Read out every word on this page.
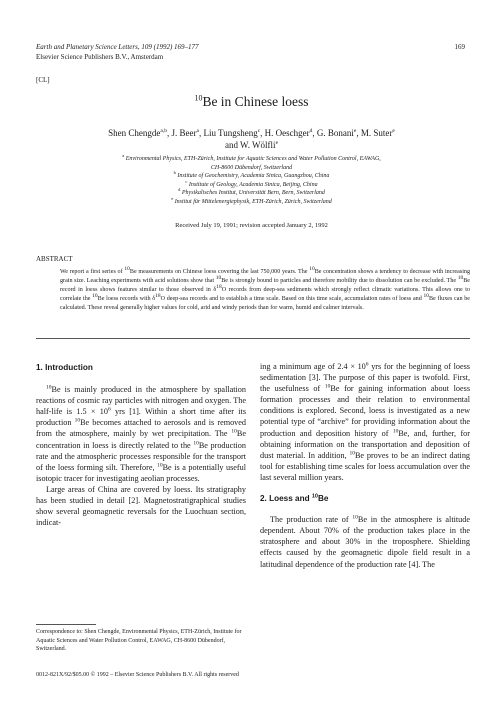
Earth and Planetary Science Letters, 109 (1992) 169–177
Elsevier Science Publishers B.V., Amsterdam
169
[CL]
$^{10}$Be in Chinese loess
Shen Chengde$^{a,b}$, J. Beer$^a$, Liu Tungsheng$^c$, H. Oeschger$^d$, G. Bonani$^e$, M. Suter$^e$
and W. Wölfli$^e$
$^a$ Environmental Physics, ETH-Zürich, Institute for Aquatic Sciences and Water Pollution Control, EAWAG,
CH-8600 Dübendorf, Switzerland
$^b$ Institute of Geochemistry, Academia Sinica, Guangzhou, China
$^c$ Institute of Geology, Academia Sinica, Beijing, China
$^d$ Physikalisches Institut, Universität Bern, Bern, Switzerland
$^e$ Institut für Mittelenergiephysik, ETH-Zürich, Zürich, Switzerland
Received July 19, 1991; revision accepted January 2, 1992
ABSTRACT
We report a first series of $^{10}$Be measurements on Chinese loess covering the last 750,000 years. The $^{10}$Be concentration shows a tendency to decrease with increasing grain size. Leaching experiments with acid solutions show that $^{10}$Be is strongly bound to particles and therefore mobility due to dissolution can be excluded. The $^{10}$Be record in loess shows features similar to those observed in $\delta^{18}O$ records from deep-sea sediments which strongly reflect climatic variations. This allows one to correlate the $^{10}$Be loess records with $\delta^{18}O$ deep-sea records and to establish a time scale. Based on this time scale, accumulation rates of loess and $^{10}$Be fluxes can be calculated. These reveal generally higher values for cold, arid and windy periods than for warm, humid and calmer intervals.
1. Introduction

$^{10}$Be is mainly produced in the atmosphere by spallation reactions of cosmic ray particles with nitrogen and oxygen. The half-life is $1.5 \times 10^6$ yrs [1]. Within a short time after its production $^{10}$Be becomes attached to aerosols and is removed from the atmosphere, mainly by wet precipitation. The $^{10}$Be concentration in loess is directly related to the $^{10}$Be production rate and the atmospheric processes responsible for the transport of the loess forming silt. Therefore, $^{10}$Be is a potentially useful isotopic tracer for investigating aeolian processes.

Large areas of China are covered by loess. Its stratigraphy has been studied in detail [2]. Magnetostratigraphical studies show several geomagnetic reversals for the Luochuan section, indicat-

ing a minimum age of $2.4 \times 10^6$ yrs for the beginning of loess sedimentation [3]. The purpose of this paper is twofold. First, the usefulness of $^{10}$Be for gaining information about loess formation processes and their relation to environmental conditions is explored. Second, loess is investigated as a new potential type of “archive” for providing information about the production and deposition history of $^{10}$Be, and, further, for obtaining information on the transportation and deposition of dust material. In addition, $^{10}$Be proves to be an indirect dating tool for establishing time scales for loess accumulation over the last several million years.

2. Loess and $^{10}$Be

The production rate of $^{10}$Be in the atmosphere is altitude dependent. About 70% of the production takes place in the stratosphere and about 30% in the troposphere. Shielding effects caused by the geomagnetic dipole field result in a latitudinal dependence of the production rate [4]. The

Correspondence to: Shen Chengde, Environmental Physics, ETH-Zürich, Institute for Aquatic Sciences and Water Pollution Control, EAWAG, CH-8600 Dübendorf, Switzerland.
0012-821X/92/$05.00 © 1992 – Elsevier Science Publishers B.V. All rights reserved
